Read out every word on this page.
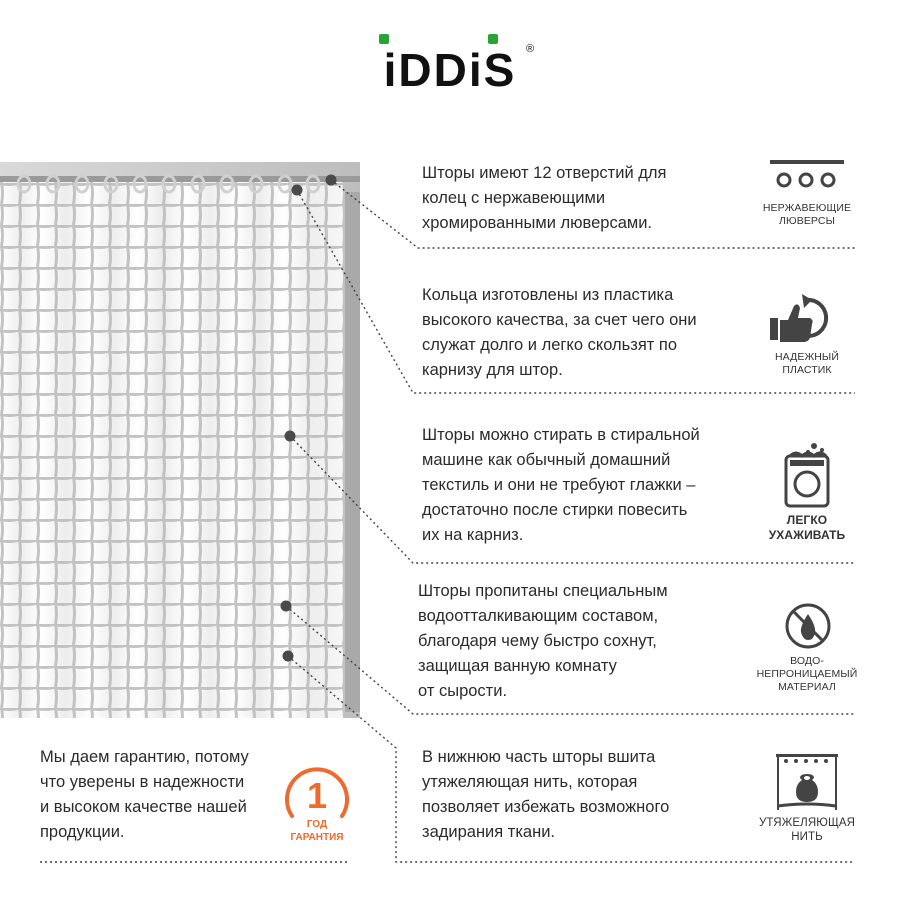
iDDiS ®

Шторы имеют 12 отверстий для
колец с нержавеющими
хромированными люверсами.

НЕРЖАВЕЮЩИЕ
ЛЮВЕРСЫ

Кольца изготовлены из пластика
высокого качества, за счет чего они
служат долго и легко скользят по
карнизу для штор.

НАДЕЖНЫЙ
ПЛАСТИК

Шторы можно стирать в стиральной
машине как обычный домашний
текстиль и они не требуют глажки –
достаточно после стирки повесить
их на карниз.

ЛЕГКО
УХАЖИВАТЬ

Шторы пропитаны специальным
водоотталкивающим составом,
благодаря чему быстро сохнут,
защищая ванную комнату
от сырости.

ВОДО-
НЕПРОНИЦАЕМЫЙ
МАТЕРИАЛ

В нижнюю часть шторы вшита
утяжеляющая нить, которая
позволяет избежать возможного
задирания ткани.	УТЯЖЕЛЯЮЩАЯ
НИТЬ

Мы даем гарантию, потому
что уверены в надежности
и высоком качестве нашей
продукции.

1
ГОД
ГАРАНТИЯ
